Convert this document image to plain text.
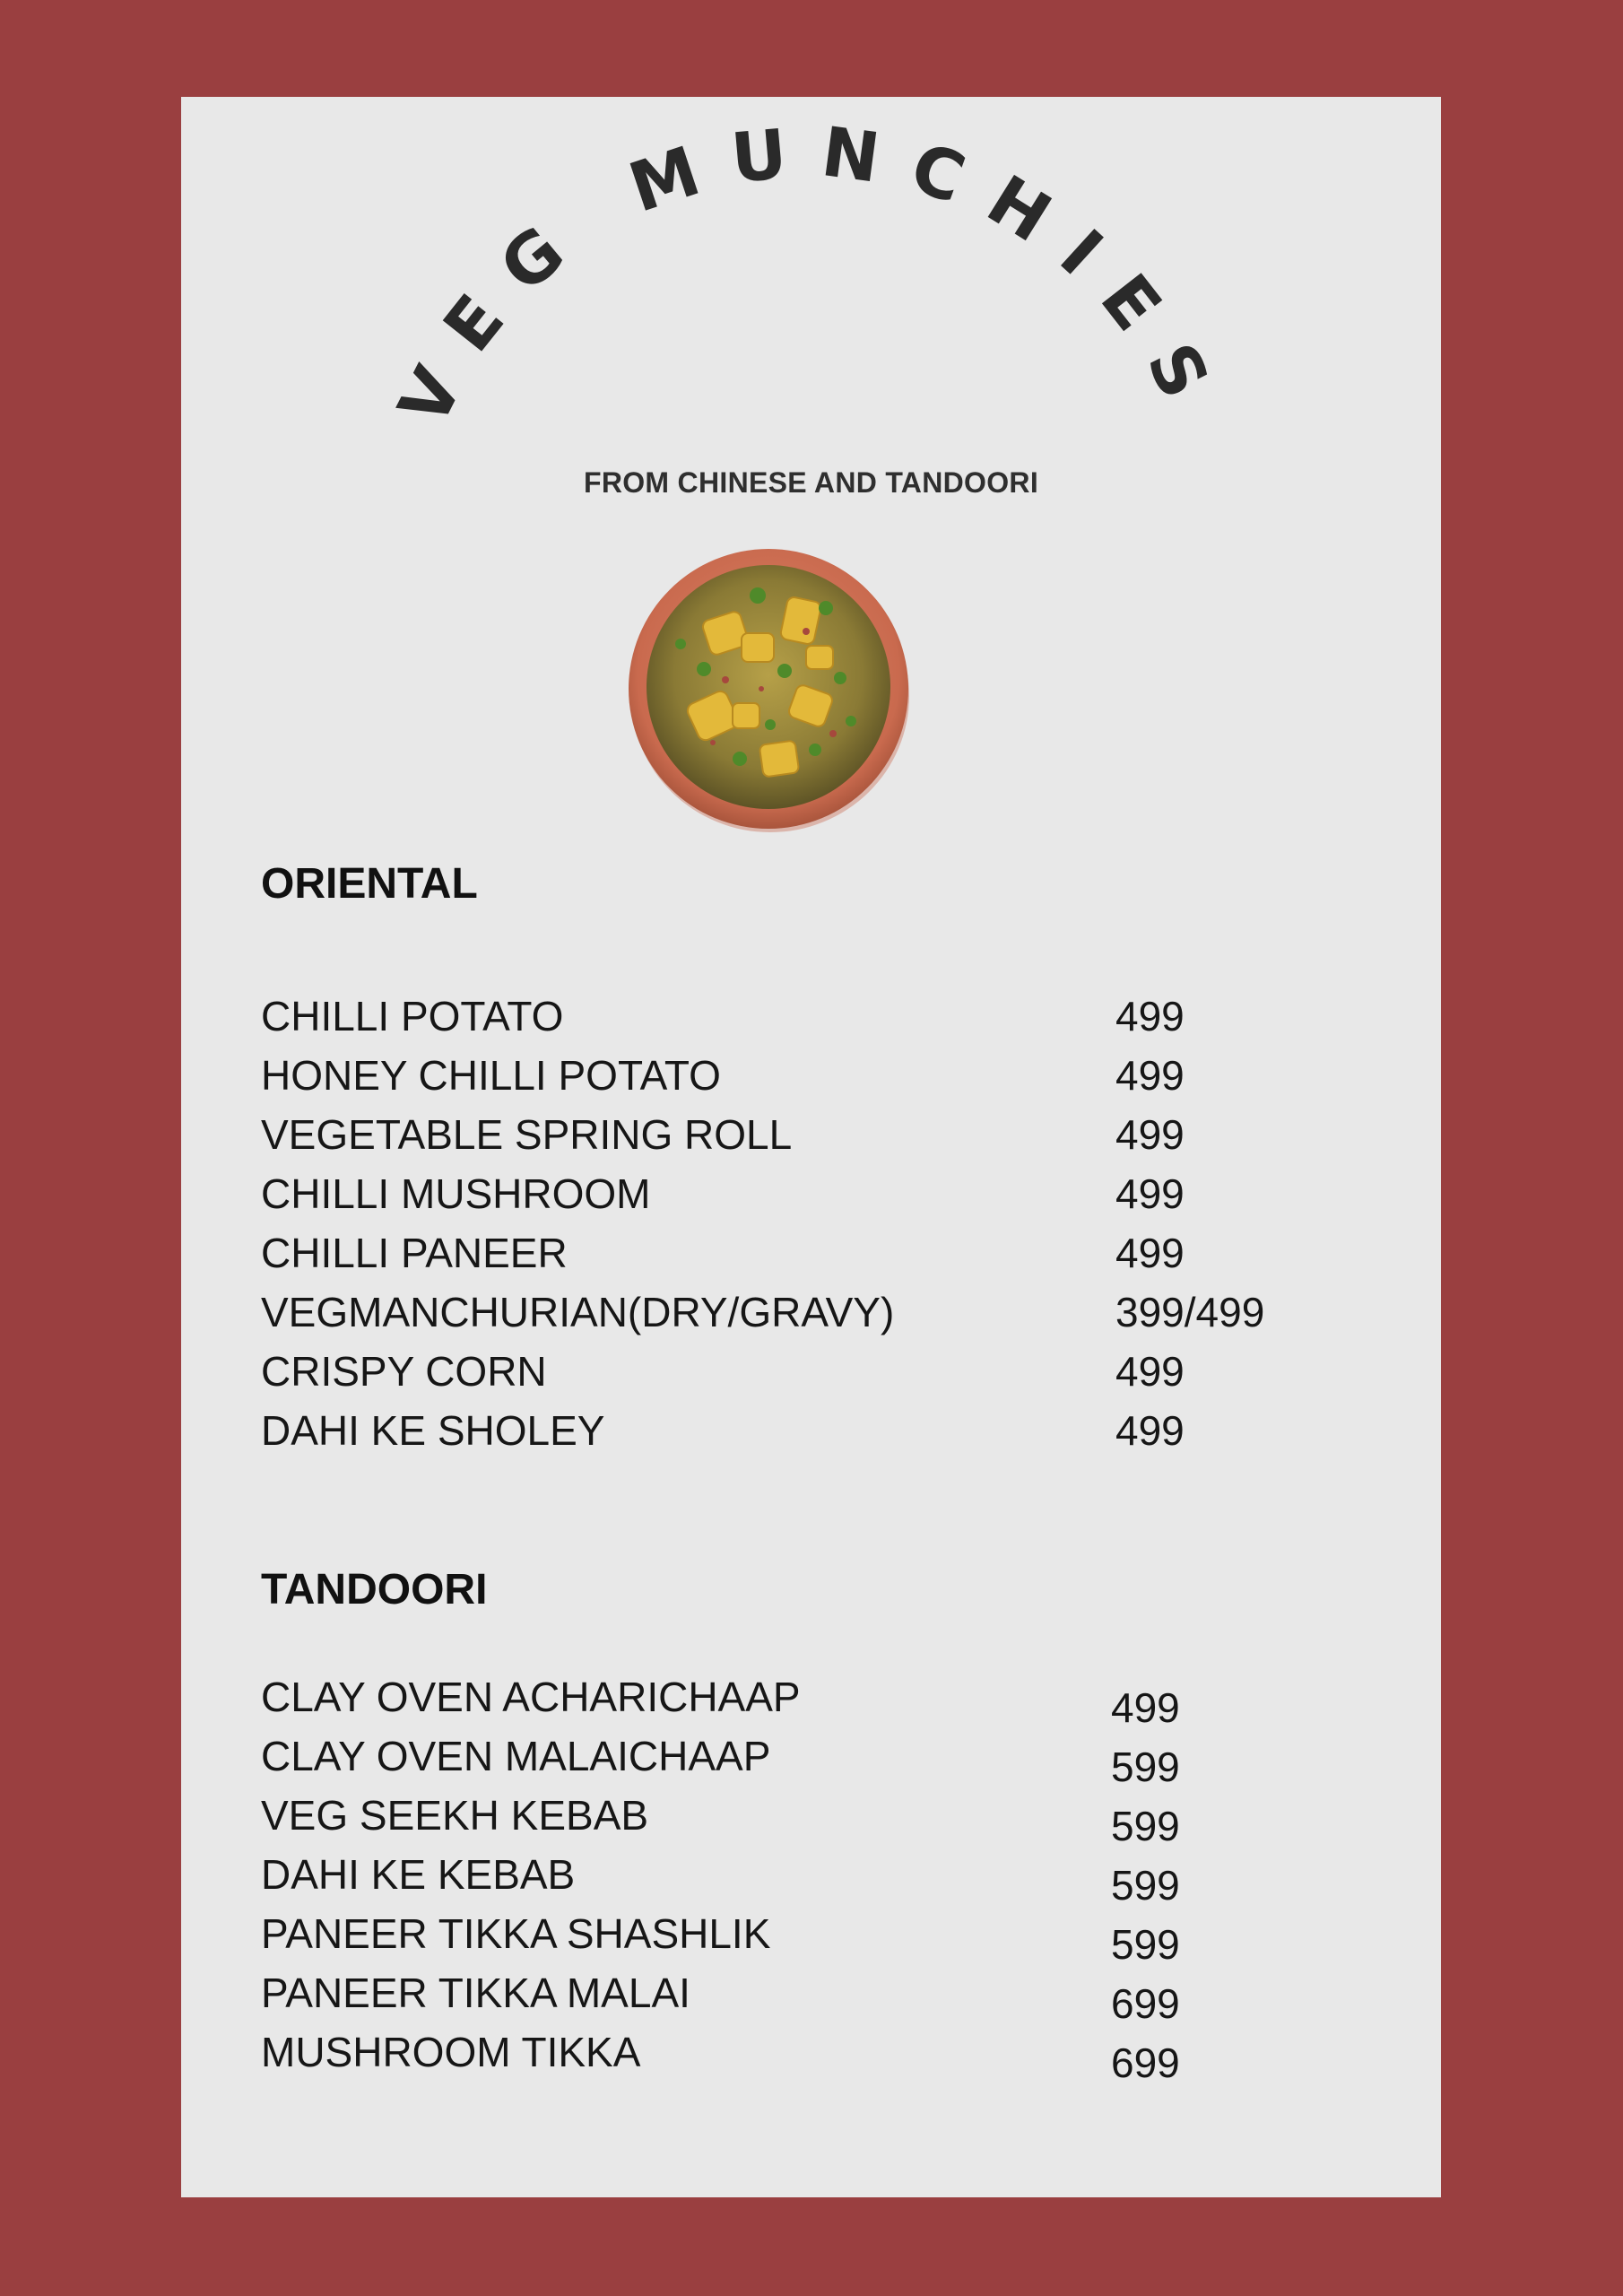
VEG MUNCHIES
FROM CHINESE AND TANDOORI
ORIENTAL
CHILLI POTATO	499
HONEY CHILLI POTATO	499
VEGETABLE SPRING ROLL	499
CHILLI MUSHROOM	499
CHILLI PANEER	499
VEGMANCHURIAN(DRY/GRAVY)	399/499
CRISPY CORN	499
DAHI KE SHOLEY	499
TANDOORI
CLAY OVEN ACHARICHAAP	499
CLAY OVEN MALAICHAAP	599
VEG SEEKH KEBAB	599
DAHI KE KEBAB	599
PANEER TIKKA SHASHLIK	599
PANEER TIKKA MALAI	699
MUSHROOM TIKKA	699
